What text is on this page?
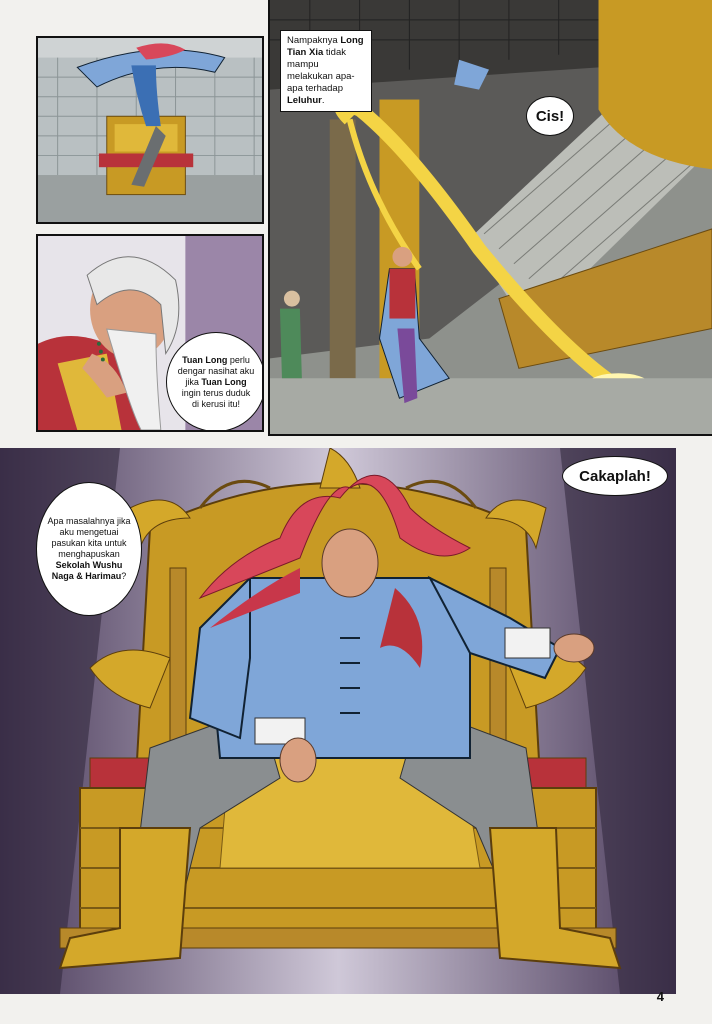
Tuan Long perlu dengar nasihat aku jika Tuan Long ingin terus duduk di kerusi itu!
Nampaknya Long Tian Xia tidak mampu melakukan apa-apa terhadap Leluhur.
Cis!
Cakaplah!
Apa masalahnya jika aku mengetuai pasukan kita untuk menghapuskan Sekolah Wushu Naga & Harimau?
4
